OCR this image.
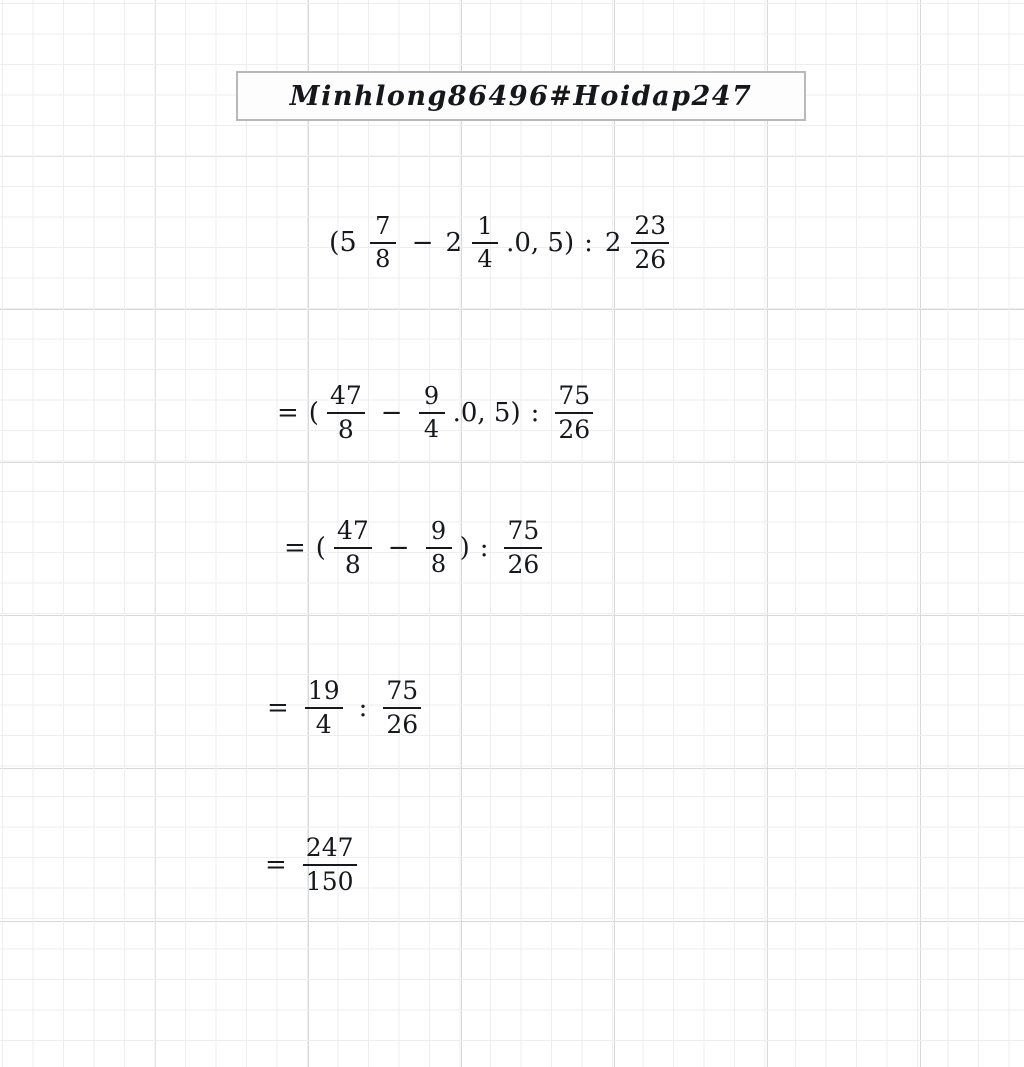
Minhlong86496#Hoidap247
($5 \frac{7}{8} - 2 \frac{1}{4} .0$, 5) : $2 \frac{23}{26}$
= ( $\frac{47}{8} - \frac{9}{4} .0$, 5) : $\frac{75}{26}$
= ( $\frac{47}{8} - \frac{9}{8}$ ) : $\frac{75}{26}$
= $\frac{19}{4}$ : $\frac{75}{26}$
= $\frac{247}{150}$
